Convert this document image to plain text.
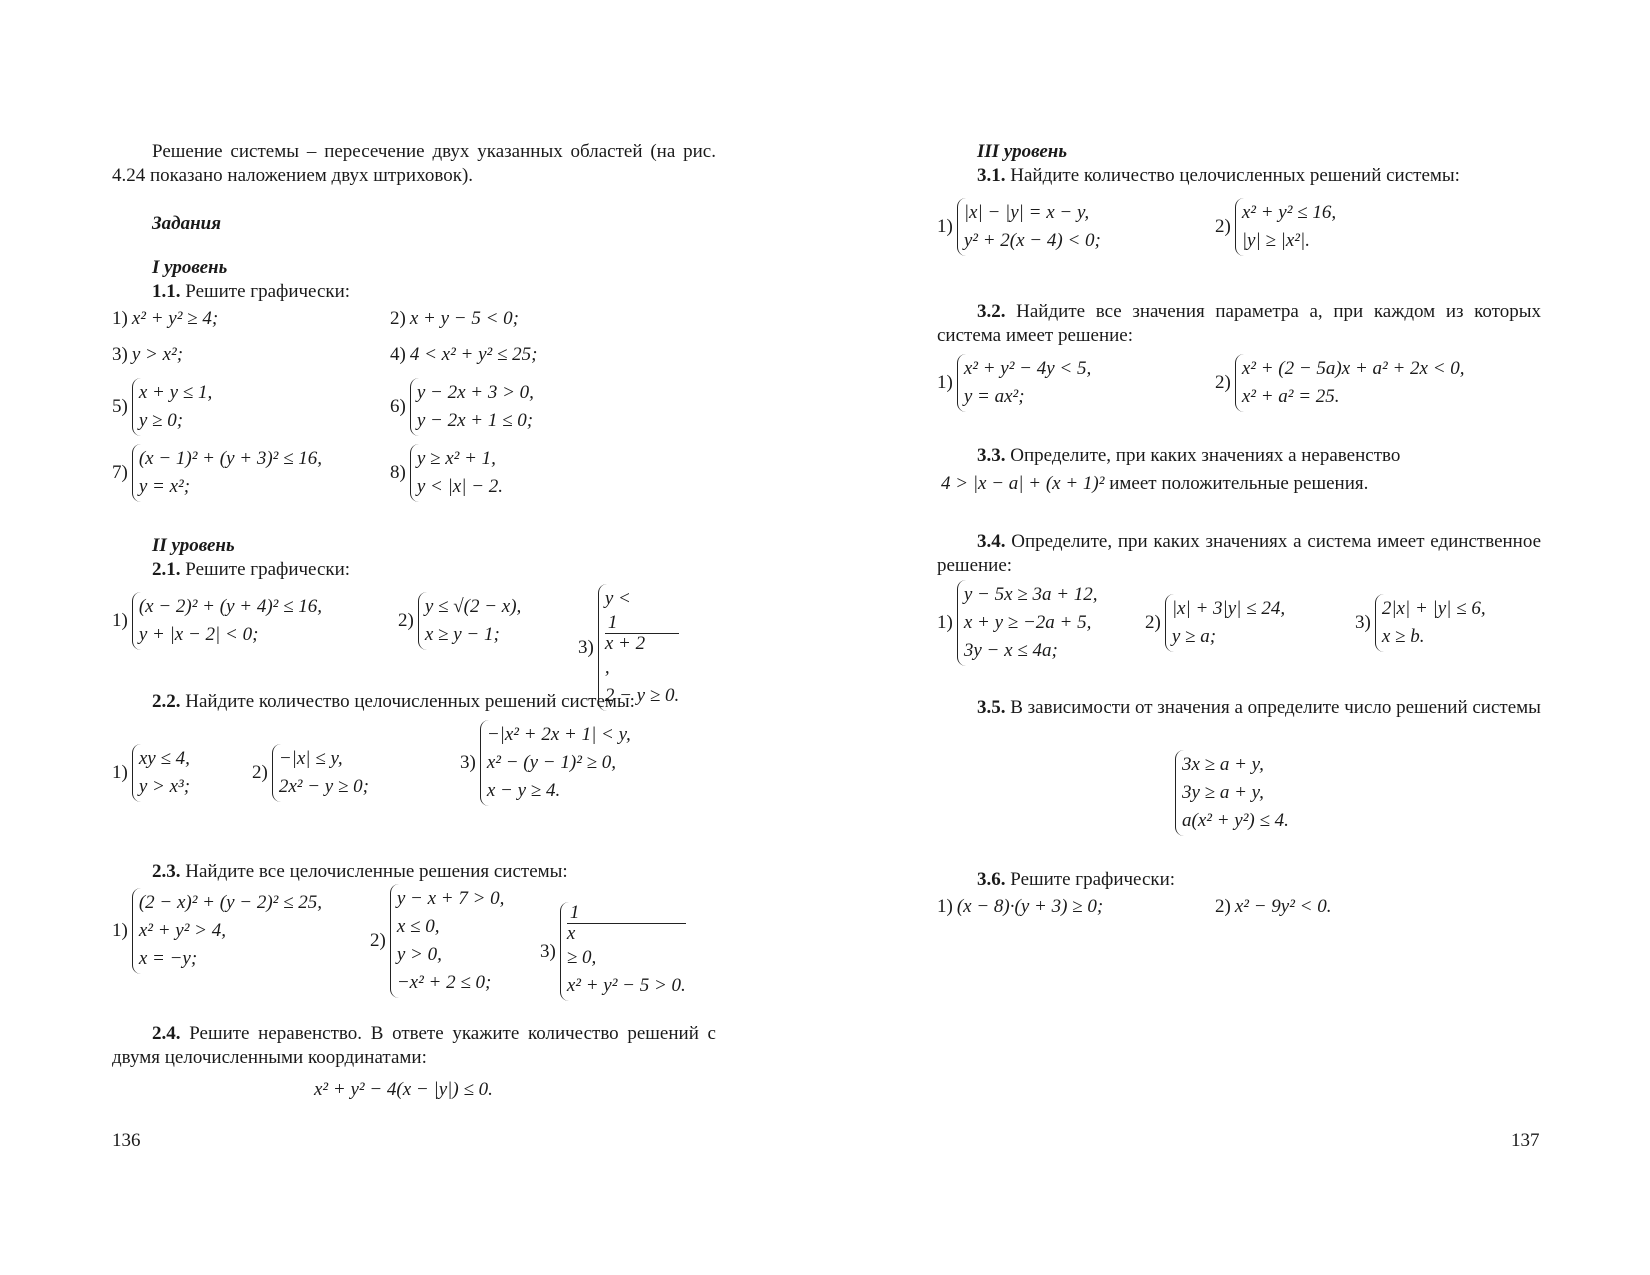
Решение системы – пересечение двух указанных областей (на рис. 4.24 показано наложением двух штриховок).
Задания
I уровень
1.1. Решите графически:
1) x² + y² ≥ 4;	2) x + y − 5 < 0;
3) y > x²;	4) 4 < x² + y² ≤ 25;
5)
x + y ≤ 1,
y ≥ 0;
6)
y − 2x + 3 > 0,
y − 2x + 1 ≤ 0;
7)
(x − 1)² + (y + 3)² ≤ 16,
y = x²;
8)
y ≥ x² + 1,
y < |x| − 2.
II уровень
2.1. Решите графически:
1)
(x − 2)² + (y + 4)² ≤ 16,
y + |x − 2| < 0;
2)
y ≤ √(2 − x),
x ≥ y − 1;
3)
y <
1
x + 2
,
2 − y ≥ 0.
2.2. Найдите количество целочисленных решений системы:
1)
xy ≤ 4,
y > x³;
2)
−|x| ≤ y,
2x² − y ≥ 0;
3)
−|x² + 2x + 1| < y,
x² − (y − 1)² ≥ 0,
x − y ≥ 4.
2.3. Найдите все целочисленные решения системы:
1)
(2 − x)² + (y − 2)² ≤ 25,
x² + y² > 4,
x = −y;
2)
y − x + 7 > 0,
x ≤ 0,
y > 0,
−x² + 2 ≤ 0;
3)
1
x
≥ 0,
x² + y² − 5 > 0.
2.4. Решите неравенство. В ответе укажите количество решений с двумя целочисленными координатами:
x² + y² − 4(x − |y|) ≤ 0.
136
III уровень
3.1. Найдите количество целочисленных решений системы:
1)
|x| − |y| = x − y,
y² + 2(x − 4) < 0;
2)
x² + y² ≤ 16,
|y| ≥ |x²|.
3.2. Найдите все значения параметра a, при каждом из которых система имеет решение:
1)
x² + y² − 4y < 5,
y = ax²;
2)
x² + (2 − 5a)x + a² + 2x < 0,
x² + a² = 25.
3.3. Определите, при каких значениях a неравенство
4 > |x − a| + (x + 1)² имеет положительные решения.
3.4. Определите, при каких значениях a система имеет единственное решение:
1)
y − 5x ≥ 3a + 12,
x + y ≥ −2a + 5,
3y − x ≤ 4a;
2)
|x| + 3|y| ≤ 24,
y ≥ a;
3)
2|x| + |y| ≤ 6,
x ≥ b.
3.5. В зависимости от значения a определите число решений системы
3x ≥ a + y,
3y ≥ a + y,
a(x² + y²) ≤ 4.
3.6. Решите графически:
1) (x − 8)·(y + 3) ≥ 0;	2) x² − 9y² < 0.
137
